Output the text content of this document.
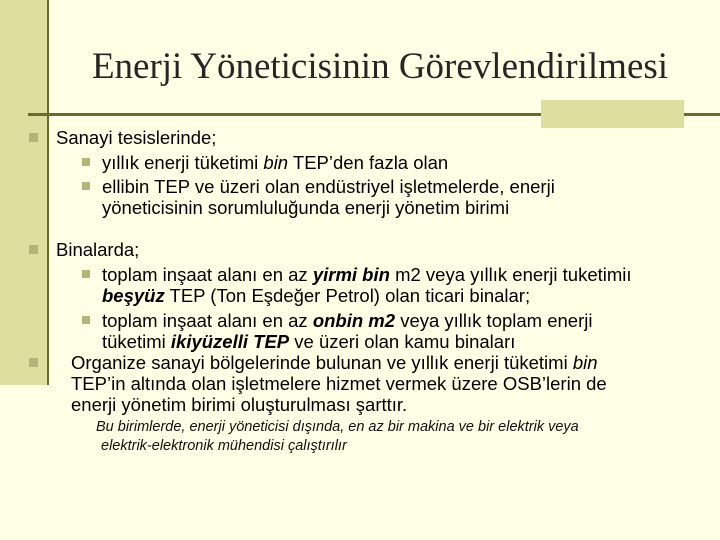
Enerji Yöneticisinin Görevlendirilmesi
Sanayi tesislerinde;
yıllık enerji tüketimi bin TEP’den fazla olan
ellibin TEP ve üzeri olan endüstriyel işletmelerde, enerji
yöneticisinin sorumluluğunda enerji yönetim birimi
Binalarda;
toplam inşaat alanı en az yirmi bin m2 veya yıllık enerji tuketimiı
beşyüz TEP (Ton Eşdeğer Petrol) olan ticari binalar;
toplam inşaat alanı en az onbin m2 veya yıllık toplam enerji
tüketimi ikiyüzelli TEP ve üzeri olan kamu binaları
Organize sanayi bölgelerinde bulunan ve yıllık enerji tüketimi bin
TEP’in altında olan işletmelere hizmet vermek üzere OSB’lerin de
enerji yönetim birimi oluşturulması şarttır.
Bu birimlerde, enerji yöneticisi dışında, en az bir makina ve bir elektrik veya
elektrik-elektronik mühendisi çalıştırılır
